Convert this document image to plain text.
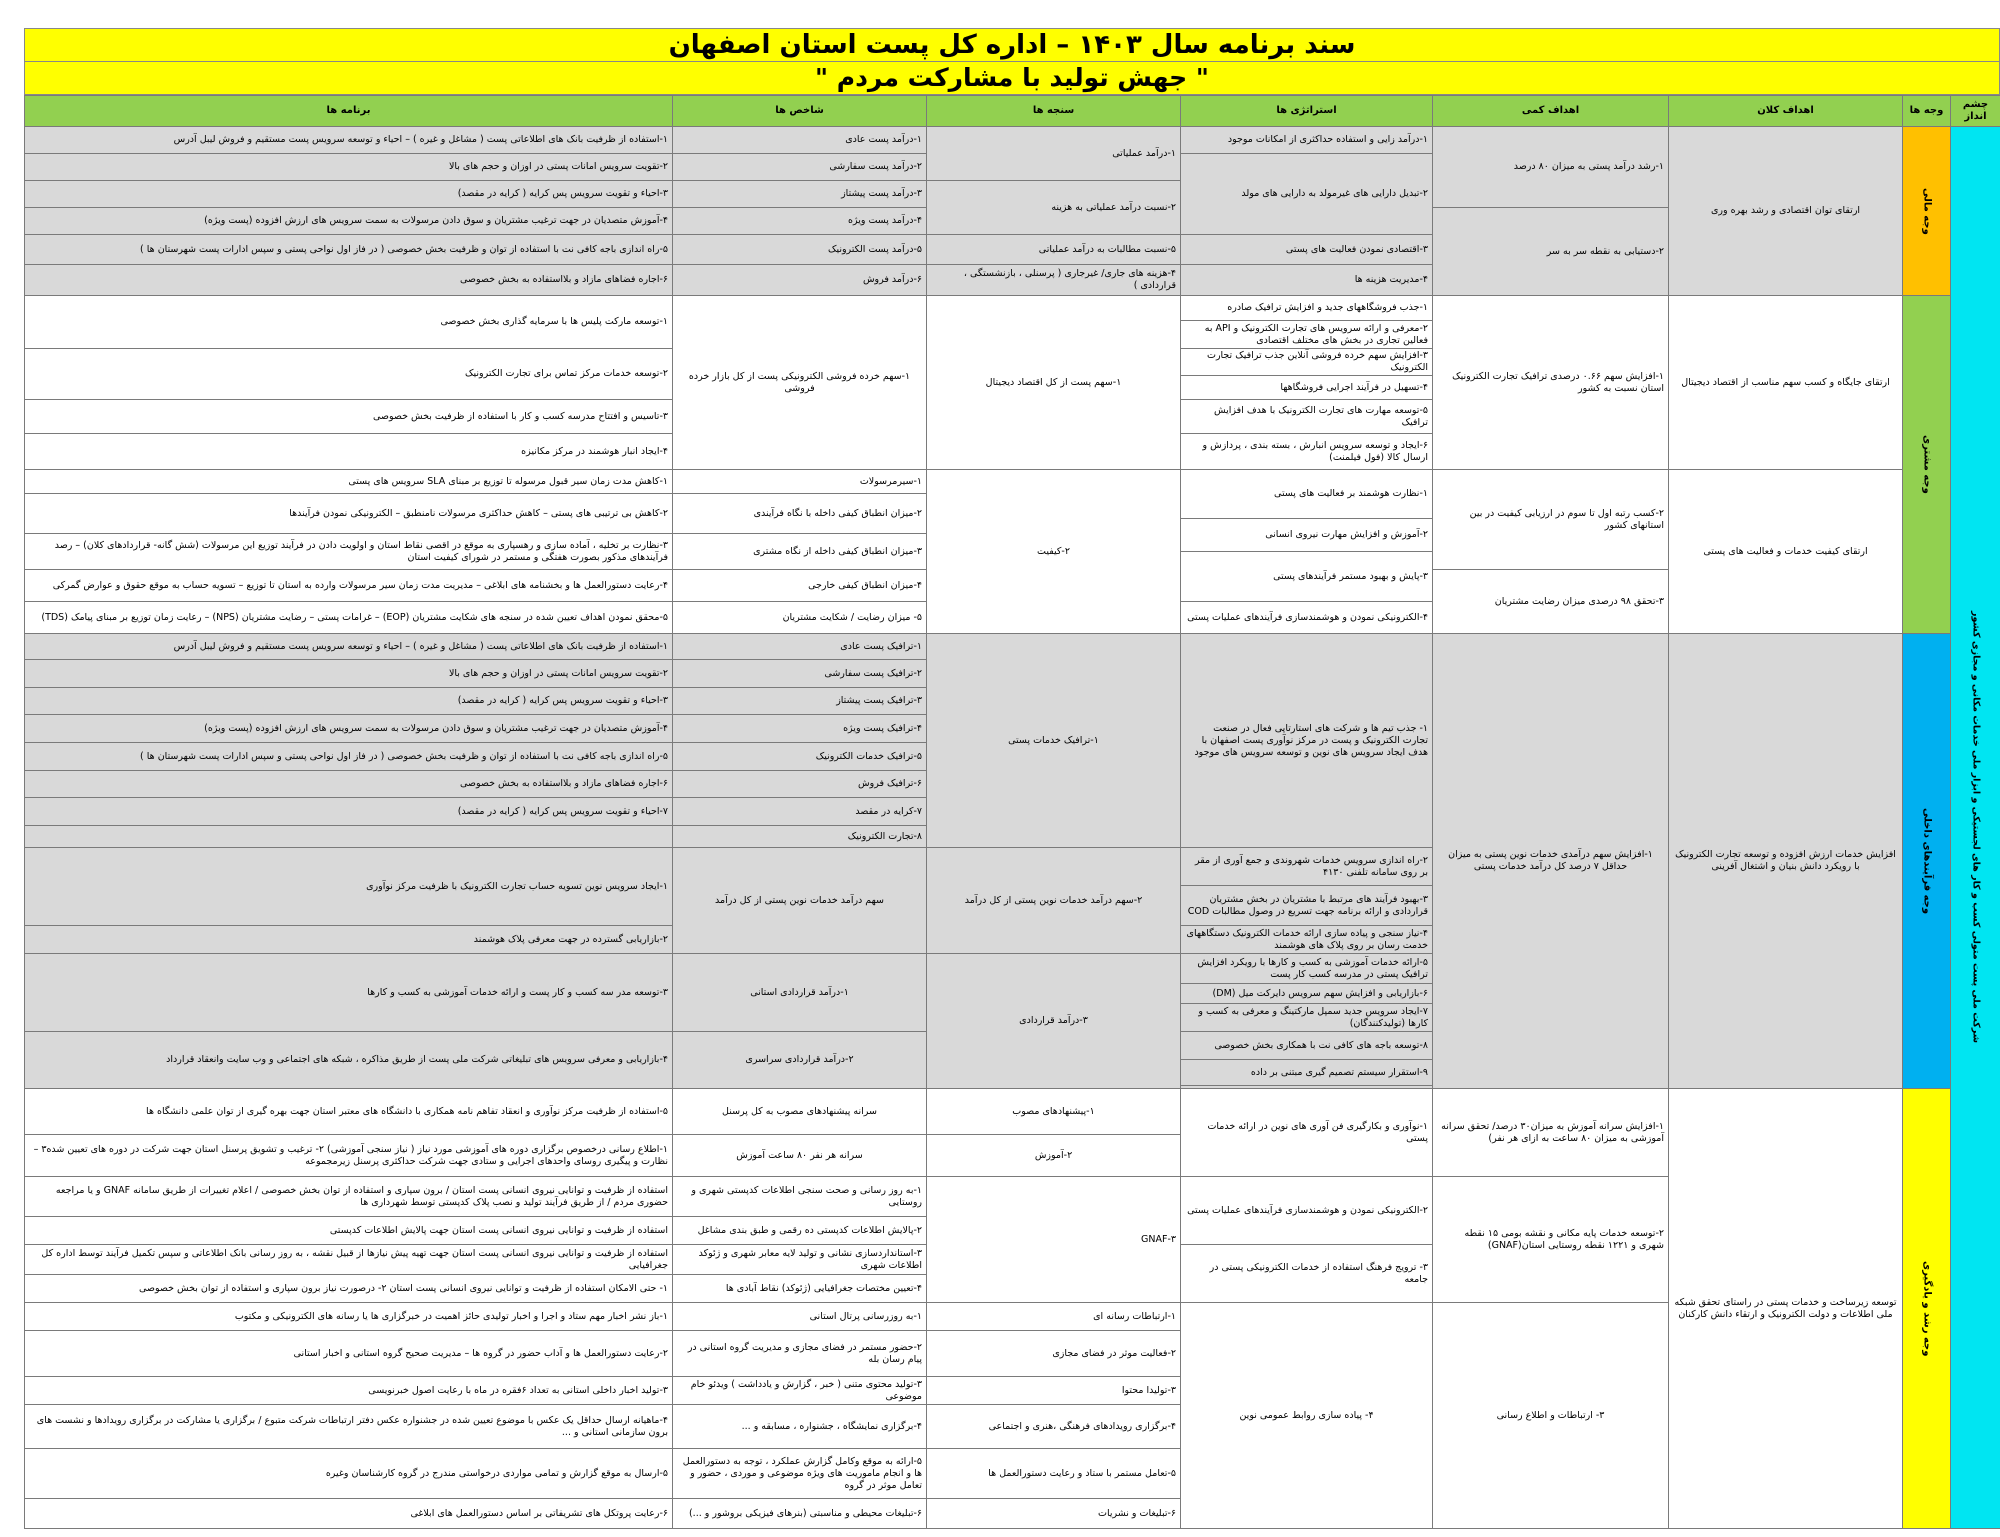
سند برنامه سال ۱۴۰۳ – اداره کل پست استان اصفهان
" جهش تولید با مشارکت مردم "
چشم انداز	وجه ها	اهداف کلان	اهداف کمی	استراتژی ها	سنجه ها	شاخص ها	برنامه ها
شرکت ملی پست متولی کسب و کار های لجستیکی و ابزار ملی خدمات مکانی و مجازی کشور	وجه مالی	ارتقای توان اقتصادی و رشد بهره وری	۱-رشد درآمد پستی به میزان ۸۰ درصد	۱-درآمد زایی و استفاده حداکثری از امکانات موجود	۱-درآمد عملیاتی	۱-درآمد پست عادی	۱-استفاده از ظرفیت بانک های اطلاعاتی پست ( مشاغل و غیره ) – احیاء و توسعه سرویس پست مستقیم و فروش لیبل آدرس
				۲-تبدیل دارایی های غیرمولد به دارایی های مولد		۲-درآمد پست سفارشی	۲-تقویت سرویس امانات پستی در اوزان و حجم های بالا
					۲-نسبت درآمد عملیاتی به هزینه	۳-درآمد پست پیشتاز	۳-احیاء و تقویت سرویس پس کرایه ( کرایه در مقصد)
			۲-دستیابی به نقطه سر به سر			۴-درآمد پست ویژه	۴-آموزش متصدیان در جهت ترغیب مشتریان و سوق دادن مرسولات به سمت سرویس های ارزش افزوده (پست ویژه)
				۳-اقتصادی نمودن فعالیت های پستی	۵-نسبت مطالبات به درآمد عملیاتی	۵-درآمد پست الکترونیک	۵-راه اندازی باجه کافی نت با استفاده از توان و ظرفیت بخش خصوصی ( در فاز اول نواحی پستی و سپس ادارات پست شهرستان ها )
				۴-مدیریت هزینه ها	۴-هزینه های جاری/ غیرجاری ( پرسنلی ، بازنشستگی ، قراردادی )	۶-درآمد فروش	۶-اجاره فضاهای مازاد و بلااستفاده به بخش خصوصی
	وجه مشتری	ارتقای جایگاه و کسب سهم مناسب از اقتصاد دیجیتال	۱-افزایش سهم ۰.۶۶ درصدی ترافیک تجارت الکترونیک استان نسبت به کشور	۱-جذب فروشگاههای جدید و افزایش ترافیک صادره	۱-سهم پست از کل اقتصاد دیجیتال	۱-سهم خرده فروشی الکترونیکی پست از کل بازار خرده فروشی	۱-توسعه مارکت پلیس ها با سرمایه گذاری بخش خصوصی
				۲-معرفی و ارائه سرویس های تجارت الکترونیک و API به فعالین تجاری در بخش های مختلف اقتصادی			
				۳-افزایش سهم خرده فروشی آنلاین جذب ترافیک تجارت الکترونیک			۲-توسعه خدمات مرکز تماس برای تجارت الکترونیک
				۴-تسهیل در فرآیند اجرایی فروشگاهها			
				۵-توسعه مهارت های تجارت الکترونیک با هدف افزایش ترافیک			۳-تاسیس و افتتاح مدرسه کسب و کار با استفاده از ظرفیت بخش خصوصی
				۶-ایجاد و توسعه سرویس انبارش ، بسته بندی ، پردازش و ارسال کالا (فول فیلمنت)			۴-ایجاد انبار هوشمند در مرکز مکانیزه
		ارتقای کیفیت خدمات و فعالیت های پستی	۲-کسب رتبه اول تا سوم در ارزیابی کیفیت در بین استانهای کشور	۱-نظارت هوشمند بر فعالیت های پستی	۲-کیفیت	۱-سیرمرسولات	۱-کاهش مدت زمان سیر قبول مرسوله تا توزیع بر مبنای SLA سرویس های پستی
						۲-میزان انطباق کیفی داخله با نگاه فرآیندی	۲-کاهش بی ترتیبی های پستی – کاهش حداکثری مرسولات نامنطبق – الکترونیکی نمودن فرآیندها
				۲-آموزش و افزایش مهارت نیروی انسانی			
						۳-میزان انطباق کیفی داخله از نگاه مشتری	۳-نظارت بر تخلیه ، آماده سازی و رهسپاری به موقع در اقصی نقاط استان و اولویت دادن در فرآیند توزیع این مرسولات (شش گانه- قراردادهای کلان) – رصد فرآیندهای مذکور بصورت هفتگی و مستمر در شورای کیفیت استان
				۳-پایش و بهبود مستمر فرآیندهای پستی			
			۳-تحقق ۹۸ درصدی میزان رضایت مشتریان			۴-میزان انطباق کیفی خارجی	۴-رعایت دستورالعمل ها و بخشنامه های ابلاغی – مدیریت مدت زمان سیر مرسولات وارده به استان تا توزیع – تسویه حساب به موقع حقوق و عوارض گمرکی

				۴-الکترونیکی نمودن و هوشمندسازی فرآیندهای عملیات پستی		۵- میزان رضایت / شکایت مشتریان	۵-محقق نمودن اهداف تعیین شده در سنجه های شکایت مشتریان (EOP) – غرامات پستی – رضایت مشتریان (NPS) – رعایت زمان توزیع بر مبنای پیامک (TDS)

	وجه فرآیندهای داخلی	افزایش خدمات ارزش افزوده و توسعه تجارت الکترونیک با رویکرد دانش بنیان و اشتغال آفرینی	۱-افزایش سهم درآمدی خدمات نوین پستی به میزان حداقل ۷ درصد کل درآمد خدمات پستی	۱- جذب تیم ها و شرکت های استارتاپی فعال در صنعت تجارت الکترونیک و پست در مرکز نوآوری پست اصفهان با هدف ایجاد سرویس های نوین و توسعه سرویس های موجود	۱-ترافیک خدمات پستی	۱-ترافیک پست عادی	۱-استفاده از ظرفیت بانک های اطلاعاتی پست ( مشاغل و غیره ) – احیاء و توسعه سرویس پست مستقیم و فروش لیبل آدرس
						۲-ترافیک پست سفارشی	۲-تقویت سرویس امانات پستی در اوزان و حجم های بالا
						۳-ترافیک پست پیشتاز	۳-احیاء و تقویت سرویس پس کرایه ( کرایه در مقصد)
						۴-ترافیک پست ویژه	۴-آموزش متصدیان در جهت ترغیب مشتریان و سوق دادن مرسولات به سمت سرویس های ارزش افزوده (پست ویژه)
						۵-ترافیک خدمات الکترونیک	۵-راه اندازی باجه کافی نت با استفاده از توان و ظرفیت بخش خصوصی ( در فاز اول نواحی پستی و سپس ادارات پست شهرستان ها )
						۶-ترافیک فروش	۶-اجاره فضاهای مازاد و بلااستفاده به بخش خصوصی
						۷-کرایه در مقصد	۷-احیاء و تقویت سرویس پس کرایه ( کرایه در مقصد)
						۸-تجارت الکترونیک	
				۲-راه اندازی سرویس خدمات شهروندی و جمع آوری از مقر بر روی سامانه تلفنی ۴۱۳۰	۲-سهم درآمد خدمات نوین پستی از کل درآمد	سهم درآمد خدمات نوین پستی از کل درآمد	۱-ایجاد سرویس نوین تسویه حساب تجارت الکترونیک با ظرفیت مرکز نوآوری
				۳-بهبود فرآیند های مرتبط با مشتریان در بخش مشتریان قراردادی و ارائه برنامه جهت تسریع در وصول مطالبات COD			
				۴-نیاز سنجی و پیاده سازی ارائه خدمات الکترونیک دستگاههای خدمت رسان بر روی پلاک های هوشمند			۲-بازاریابی گسترده در جهت معرفی پلاک هوشمند
				۵-ارائه خدمات آموزشی به کسب و کارها با رویکرد افزایش ترافیک پستی در مدرسه کسب کار پست	۳-درآمد قراردادی	۱-درآمد قراردادی استانی	۳-توسعه مدر سه کسب و کار پست و ارائه خدمات آموزشی به کسب و کارها
				۶-بازاریابی و افزایش سهم سرویس دایرکت میل (DM)			
				۷-ایجاد سرویس جدید سمپل مارکتینگ و معرفی به کسب و کارها (تولیدکنندگان)			
				۸-توسعه باجه های کافی نت با همکاری بخش خصوصی		۲-درآمد قراردادی سراسری	۴-بازاریابی و معرفی سرویس های تبلیغاتی شرکت ملی پست از طریق مذاکره ، شبکه های اجتماعی و وب سایت وانعقاد قرارداد
				۹-استقرار سیستم تصمیم گیری مبتنی بر داده			

	وجه رشد و یادگیری	توسعه زیرساخت و خدمات پستی در راستای تحقق شبکه ملی اطلاعات و دولت الکترونیک و ارتقاء دانش کارکنان	۱-افزایش سرانه آموزش به میزان۳۰ درصد/ تحقق سرانه آموزشی به میزان ۸۰ ساعت به ازای هر نفر)	۱-نوآوری و بکارگیری فن آوری های نوین در ارائه خدمات پستی	۱-پیشنهادهای مصوب	سرانه پیشنهادهای مصوب به کل پرسنل	۵-استفاده از ظرفیت مرکز نوآوری و انعقاد تفاهم نامه همکاری با دانشگاه های معتبر استان جهت بهره گیری از توان علمی دانشگاه ها
					۲-آموزش	سرانه هر نفر ۸۰ ساعت آموزش	۱-اطلاع رسانی درخصوص برگزاری دوره های آموزشی مورد نیاز ( نیاز سنجی آموزشی) ۲- ترغیب و تشویق پرسنل استان جهت شرکت در دوره های تعیین شده۳ – نظارت و پیگیری روسای واحدهای اجرایی و ستادی جهت شرکت حداکثری پرسنل زیرمجموعه
			۲-توسعه خدمات پایه مکانی و نقشه بومی ۱۵ نقطه شهری و ۱۲۲۱ نقطه روستایی استان(GNAF)	۲-الکترونیکی نمودن و هوشمندسازی فرآیندهای عملیات پستی	۳-GNAF	۱-به روز رسانی و صحت سنجی اطلاعات کدپستی شهری و روستایی	استفاده از ظرفیت و توانایی نیروی انسانی پست استان / برون سپاری و استفاده از توان بخش خصوصی / اعلام تغییرات از طریق سامانه GNAF و یا مراجعه حضوری مردم / از طریق فرآیند تولید و نصب پلاک کدپستی توسط شهرداری ها
						۲-پالایش اطلاعات کدپستی ده رقمی و طبق بندی مشاغل	استفاده از ظرفیت و توانایی نیروی انسانی پست استان جهت پالایش اطلاعات کدپستی
				۳- ترویج فرهنگ استفاده از خدمات الکترونیکی پستی در جامعه		۳-استانداردسازی نشانی و تولید لایه معابر شهری و ژئوکد اطلاعات شهری	استفاده از ظرفیت و توانایی نیروی انسانی پست استان جهت تهیه پیش نیازها از قبیل نقشه ، به روز رسانی بانک اطلاعاتی و سپس تکمیل فرآیند توسط اداره کل جغرافیایی
						۴-تعیین مختصات جغرافیایی (ژئوکد) نقاط آبادی ها	۱- حتی الامکان استفاده از ظرفیت و توانایی نیروی انسانی پست استان ۲- درصورت نیاز برون سپاری و استفاده از توان بخش خصوصی
			۳- ارتباطات و اطلاع رسانی	۴- پیاده سازی روابط عمومی نوین	۱-ارتباطات رسانه ای	۱-به روزرسانی پرتال استانی	۱-باز نشر اخبار مهم ستاد و اجرا و اخبار تولیدی حائز اهمیت در خبرگزاری ها یا رسانه های الکترونیکی و مکتوب
					۲-فعالیت موثر در فضای مجازی	۲-حضور مستمر در فضای مجازی و مدیریت گروه استانی در پیام رسان بله	۲-رعایت دستورالعمل ها و آداب حضور در گروه ها – مدیریت صحیح گروه استانی و اخبار استانی
					۳-تولیدا محتوا	۳-تولید محتوی متنی ( خبر ، گزارش و یادداشت ) ویدئو خام موضوعی	۳-تولید اخبار داخلی استانی به تعداد ۶فقره در ماه با رعایت اصول خبرنویسی
					۴-برگزاری رویدادهای فرهنگی ،هنری و اجتماعی	۴-برگزاری نمایشگاه ، جشنواره ، مسابقه و ...	۴-ماهیانه ارسال حداقل یک عکس با موضوع تعیین شده در جشنواره عکس دفتر ارتباطات شرکت متبوع / برگزاری یا مشارکت در برگزاری رویدادها و نشست های برون سازمانی استانی و ...
					۵-تعامل مستمر با ستاد و رعایت دستورالعمل ها	۵-ارائه به موقع وکامل گزارش عملکرد ، توجه به دستورالعمل ها و انجام ماموریت های ویژه موضوعی و موردی ، حضور و تعامل موثر در گروه	۵-ارسال به موقع گزارش و تمامی مواردی درخواستی مندرج در گروه کارشناسان وغیره
					۶-تبلیغات و نشریات	۶-تبلیغات محیطی و مناسبتی (بنرهای فیزیکی بروشور و ...)	۶-رعایت پروتکل های تشریفاتی بر اساس دستورالعمل های ابلاغی
